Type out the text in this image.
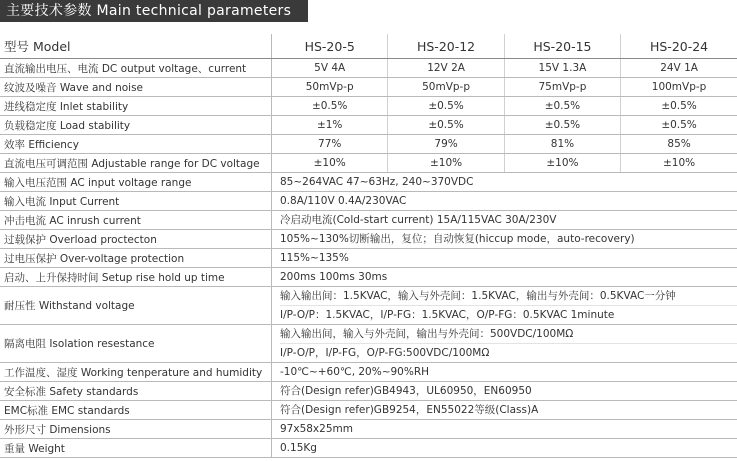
主要技术参数 Main technical parameters
型号 Model	HS-20-5	HS-20-12	HS-20-15	HS-20-24
直流输出电压、电流 DC output voltage、current	5V 4A	12V 2A	15V 1.3A	24V 1A
纹波及噪音 Wave and noise	50mVp-p	50mVp-p	75mVp-p	100mVp-p
进线稳定度 Inlet stability	±0.5%	±0.5%	±0.5%	±0.5%
负载稳定度 Load stability	±1%	±0.5%	±0.5%	±0.5%
效率 Efficiency	77%	79%	81%	85%
直流电压可调范围 Adjustable range for DC voltage	±10%	±10%	±10%	±10%
输入电压范围 AC input voltage range	85~264VAC 47~63Hz, 240~370VDC			

输入电流 Input Current	0.8A/110V 0.4A/230VAC			

冲击电流 AC inrush current	冷启动电流(Cold-start current) 15A/115VAC 30A/230V			

过载保护 Overload proctecton	105%~130%切断输出，复位；自动恢复(hiccup mode，auto-recovery)			

过电压保护 Over-voltage protection	115%~135%			

启动、上升保持时间 Setup rise hold up time	200ms 100ms 30ms			

耐压性 Withstand voltage	输入输出间：1.5KVAC，输入与外壳间：1.5KVAC，输出与外壳间：0.5KVAC一分钟
I/P-O/P：1.5KVAC，I/P-FG：1.5KVAC，O/P-FG：0.5KVAC 1minute			

隔离电阻 Isolation resestance	输入输出间，输入与外壳间，输出与外壳间：500VDC/100MΩ
I/P-O/P，I/P-FG，O/P-FG:500VDC/100MΩ			

工作温度、湿度 Working tenperature and humidity	-10℃~+60℃, 20%~90%RH			

安全标准 Safety standards	符合(Design refer)GB4943，UL60950，EN60950			

EMC标准 EMC standards	符合(Design refer)GB9254，EN55022等级(Class)A			

外形尺寸 Dimensions	97x58x25mm			

重量 Weight	0.15Kg			
